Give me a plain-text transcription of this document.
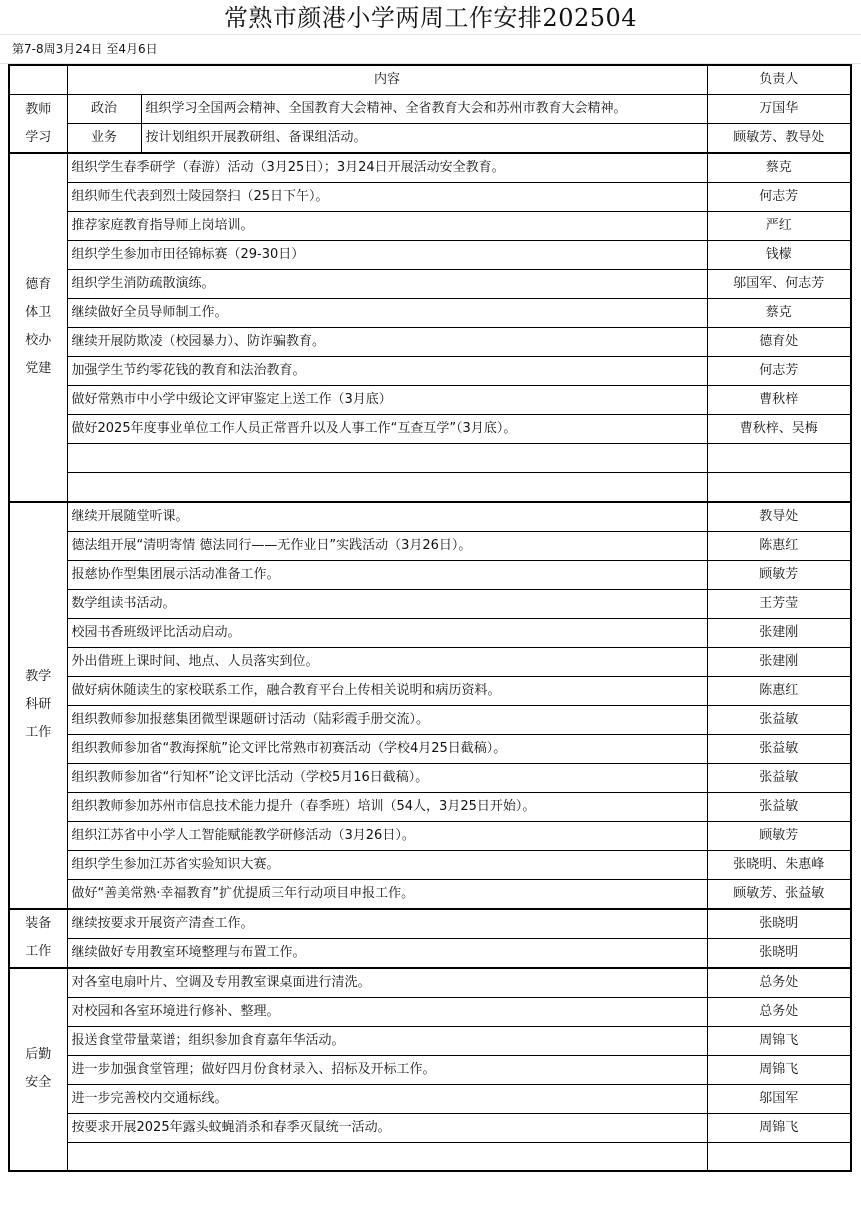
常熟市颜港小学两周工作安排202504
第7-8周3月24日 至4月6日
	内容		负责人

教师
学习	政治	组织学习全国两会精神、全国教育大会精神、全省教育大会和苏州市教育大会精神。	万国华
	业务	按计划组织开展教研组、备课组活动。	顾敏芳、教导处

德育
体卫
校办
党建	组织学生春季研学（春游）活动（3月25日）；3月24日开展活动安全教育。		蔡克
	组织师生代表到烈士陵园祭扫（25日下午）。		何志芳
	推荐家庭教育指导师上岗培训。		严红
	组织学生参加市田径锦标赛（29-30日）		钱檬
	组织学生消防疏散演练。		邬国军、何志芳
	继续做好全员导师制工作。		蔡克
	继续开展防欺凌（校园暴力）、防诈骗教育。		德育处
	加强学生节约零花钱的教育和法治教育。		何志芳
	做好常熟市中小学中级论文评审鉴定上送工作（3月底）		曹秋梓
	做好2025年度事业单位工作人员正常晋升以及人事工作“互查互学”（3月底）。		曹秋梓、吴梅

教学
科研
工作	继续开展随堂听课。		教导处
	德法组开展“清明寄情 德法同行——无作业日”实践活动（3月26日）。		陈惠红
	报慈协作型集团展示活动准备工作。		顾敏芳
	数学组读书活动。		王芳莹
	校园书香班级评比活动启动。		张建刚
	外出借班上课时间、地点、人员落实到位。		张建刚
	做好病休随读生的家校联系工作，融合教育平台上传相关说明和病历资料。		陈惠红
	组织教师参加报慈集团微型课题研讨活动（陆彩霞手册交流）。		张益敏
	组织教师参加省“教海探航”论文评比常熟市初赛活动（学校4月25日截稿）。		张益敏
	组织教师参加省“行知杯”论文评比活动（学校5月16日截稿）。		张益敏
	组织教师参加苏州市信息技术能力提升（春季班）培训（54人，3月25日开始）。		张益敏
	组织江苏省中小学人工智能赋能教学研修活动（3月26日）。		顾敏芳
	组织学生参加江苏省实验知识大赛。		张晓明、朱惠峰
	做好“善美常熟·幸福教育”扩优提质三年行动项目申报工作。		顾敏芳、张益敏

装备
工作	继续按要求开展资产清查工作。		张晓明
	继续做好专用教室环境整理与布置工作。		张晓明

后勤
安全	对各室电扇叶片、空调及专用教室课桌面进行清洗。		总务处
	对校园和各室环境进行修补、整理。		总务处
	报送食堂带量菜谱；组织参加食育嘉年华活动。		周锦飞
	进一步加强食堂管理；做好四月份食材录入、招标及开标工作。		周锦飞
	进一步完善校内交通标线。		邬国军
	按要求开展2025年露头蚊蝇消杀和春季灭鼠统一活动。		周锦飞
